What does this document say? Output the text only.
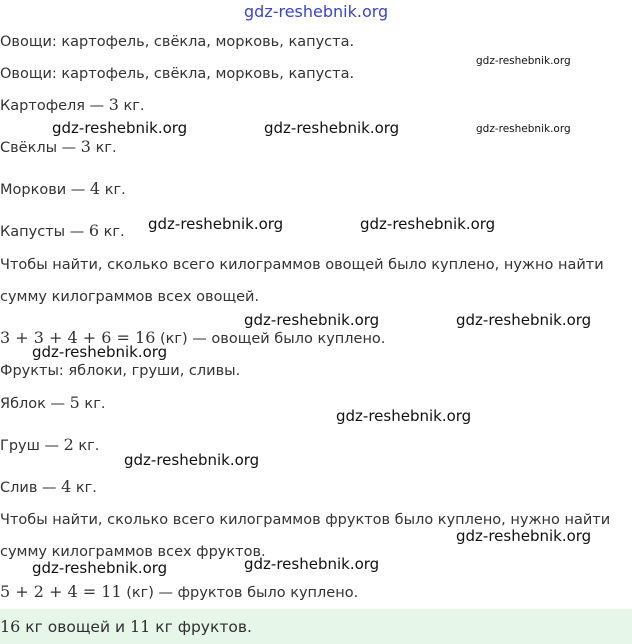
Овощи: картофель, свёкла, морковь, капуста.
Овощи: картофель, свёкла, морковь, капуста.
Картофеля — 3 кг.
Свёклы — 3 кг.
Моркови — 4 кг.
Капусты — 6 кг.
Чтобы найти, сколько всего килограммов овощей было куплено, нужно найти
сумму килограммов всех овощей.
3 + 3 + 4 + 6 = 16 (кг) — овощей было куплено.
Фрукты: яблоки, груши, сливы.
Яблок — 5 кг.
Груш — 2 кг.
Слив — 4 кг.
Чтобы найти, сколько всего килограммов фруктов было куплено, нужно найти
сумму килограммов всех фруктов.
5 + 2 + 4 = 11 (кг) — фруктов было куплено.
16 кг овощей и 11 кг фруктов.
gdz-reshebnik.org
gdz-reshebnik.org
gdz-reshebnik.org	gdz-reshebnik.org	gdz-reshebnik.org
gdz-reshebnik.org	gdz-reshebnik.org
gdz-reshebnik.org	gdz-reshebnik.org
gdz-reshebnik.org
gdz-reshebnik.org
gdz-reshebnik.org
gdz-reshebnik.org
gdz-reshebnik.org	gdz-reshebnik.org
